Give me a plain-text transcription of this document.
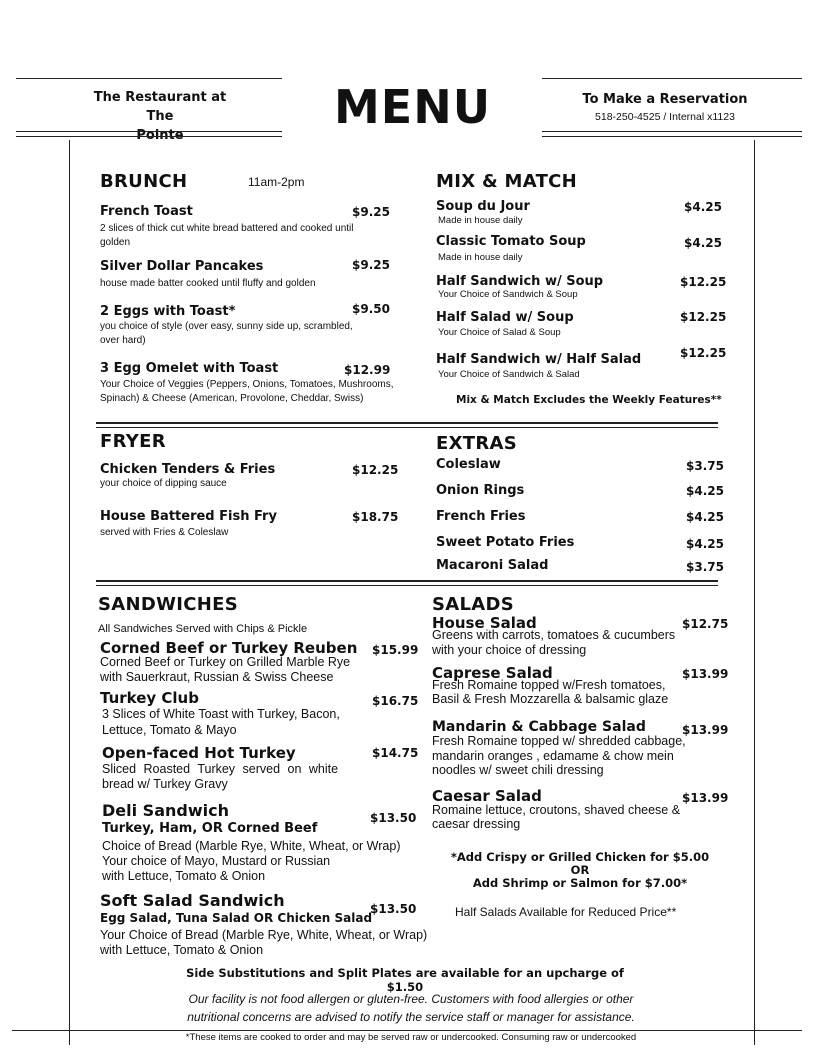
The Restaurant at The
Pointe
MENU	To Make a Reservation
518-250-4525 / Internal x1123
BRUNCH	11am-2pm
French Toast	$9.25
2 slices of thick cut white bread battered and cooked until
golden
Silver Dollar Pancakes	$9.25
house made batter cooked until fluffy and golden
2 Eggs with Toast*	$9.50
you choice of style (over easy, sunny side up, scrambled,
over hard)
3 Egg Omelet with Toast	$12.99
Your Choice of Veggies (Peppers, Onions, Tomatoes, Mushrooms,
Spinach) & Cheese (American, Provolone, Cheddar, Swiss)
MIX & MATCH
Soup du Jour	$4.25
Made in house daily
Classic Tomato Soup	$4.25
Made in house daily
Half Sandwich w/ Soup	$12.25
Your Choice of Sandwich & Soup
Half Salad w/ Soup	$12.25
Your Choice of Salad & Soup
Half Sandwich w/ Half Salad	$12.25
Your Choice of Sandwich & Salad
Mix & Match Excludes the Weekly Features**
FRYER
Chicken Tenders & Fries	$12.25
your choice of dipping sauce
House Battered Fish Fry	$18.75
served with Fries & Coleslaw
EXTRAS
Coleslaw	$3.75
Onion Rings	$4.25
French Fries	$4.25
Sweet Potato Fries	$4.25
Macaroni Salad	$3.75
SANDWICHES
All Sandwiches Served with Chips & Pickle
Corned Beef or Turkey Reuben $15.99
Corned Beef or Turkey on Grilled Marble Rye
with Sauerkraut, Russian & Swiss Cheese
Turkey Club	$16.75
3 Slices of White Toast with Turkey, Bacon,
Lettuce, Tomato & Mayo
Open-faced Hot Turkey	$14.75
Sliced Roasted Turkey served on white
bread w/ Turkey Gravy
Deli Sandwich	$13.50
Turkey, Ham, OR Corned Beef
Choice of Bread (Marble Rye, White, Wheat, or Wrap)
Your choice of Mayo, Mustard or Russian
with Lettuce, Tomato & Onion
Soft Salad Sandwich	$13.50
Egg Salad, Tuna Salad OR Chicken Salad
Your Choice of Bread (Marble Rye, White, Wheat, or Wrap)
with Lettuce, Tomato & Onion
SALADS
House Salad	$12.75
Greens with carrots, tomatoes & cucumbers
with your choice of dressing
Caprese Salad	$13.99
Fresh Romaine topped w/Fresh tomatoes,
Basil & Fresh Mozzarella & balsamic glaze
Mandarin & Cabbage Salad	$13.99
Fresh Romaine topped w/ shredded cabbage,
mandarin oranges , edamame & chow mein
noodles w/ sweet chili dressing
Caesar Salad	$13.99
Romaine lettuce, croutons, shaved cheese &
caesar dressing
*Add Crispy or Grilled Chicken for $5.00
OR
Add Shrimp or Salmon for $7.00*
Half Salads Available for Reduced Price**
Side Substitutions and Split Plates are available for an upcharge of $1.50
Our facility is not food allergen or gluten-free. Customers with food allergies or other
nutritional concerns are advised to notify the service staff or manager for assistance.
*These items are cooked to order and may be served raw or undercooked. Consuming raw or undercooked
